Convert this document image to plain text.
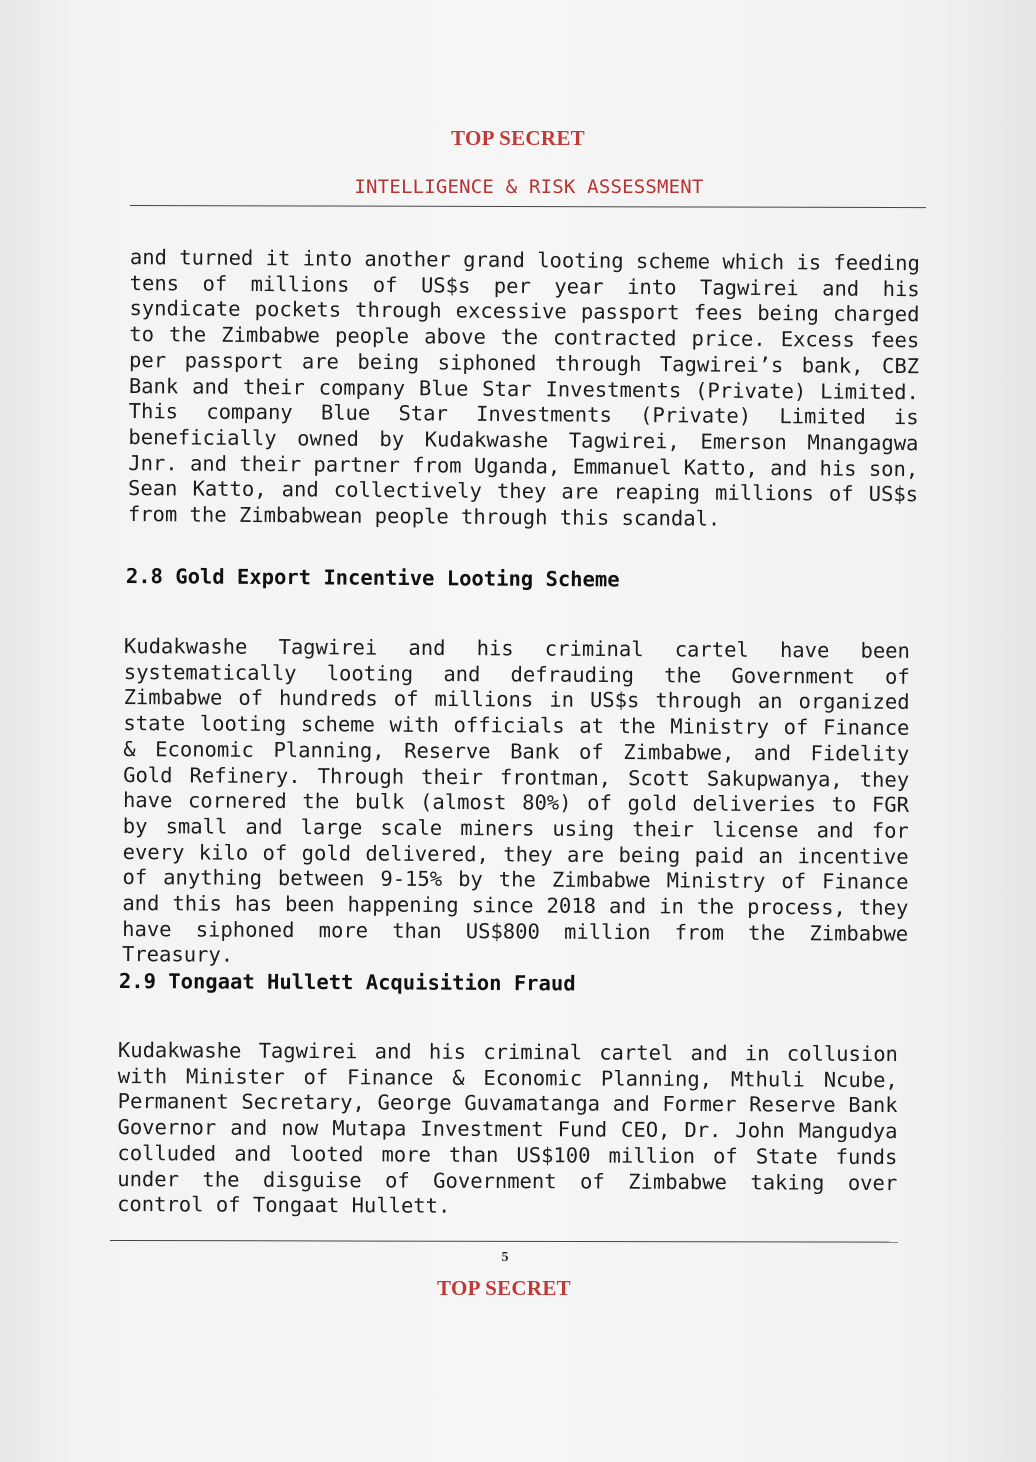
TOP SECRET
INTELLIGENCE & RISK ASSESSMENT

and turned it into another grand looting scheme which is feeding tens of millions of US$s per year into Tagwirei and his syndicate pockets through excessive passport fees being charged to the Zimbabwe people above the contracted price. Excess fees per passport are being siphoned through Tagwirei’s bank, CBZ Bank and their company Blue Star Investments (Private) Limited. This company Blue Star Investments (Private) Limited is beneficially owned by Kudakwashe Tagwirei, Emerson Mnangagwa Jnr. and their partner from Uganda, Emmanuel Katto, and his son, Sean Katto, and collectively they are reaping millions of US$s from the Zimbabwean people through this scandal.

2.8 Gold Export Incentive Looting Scheme

Kudakwashe Tagwirei and his criminal cartel have been systematically looting and defrauding the Government of Zimbabwe of hundreds of millions in US$s through an organized state looting scheme with officials at the Ministry of Finance & Economic Planning, Reserve Bank of Zimbabwe, and Fidelity Gold Refinery. Through their frontman, Scott Sakupwanya, they have cornered the bulk (almost 80%) of gold deliveries to FGR by small and large scale miners using their license and for every kilo of gold delivered, they are being paid an incentive of anything between 9-15% by the Zimbabwe Ministry of Finance and this has been happening since 2018 and in the process, they have siphoned more than US$800 million from the Zimbabwe Treasury.

2.9 Tongaat Hullett Acquisition Fraud

Kudakwashe Tagwirei and his criminal cartel and in collusion with Minister of Finance & Economic Planning, Mthuli Ncube, Permanent Secretary, George Guvamatanga and Former Reserve Bank Governor and now Mutapa Investment Fund CEO, Dr. John Mangudya colluded and looted more than US$100 million of State funds under the disguise of Government of Zimbabwe taking over control of Tongaat Hullett.

5
TOP SECRET
